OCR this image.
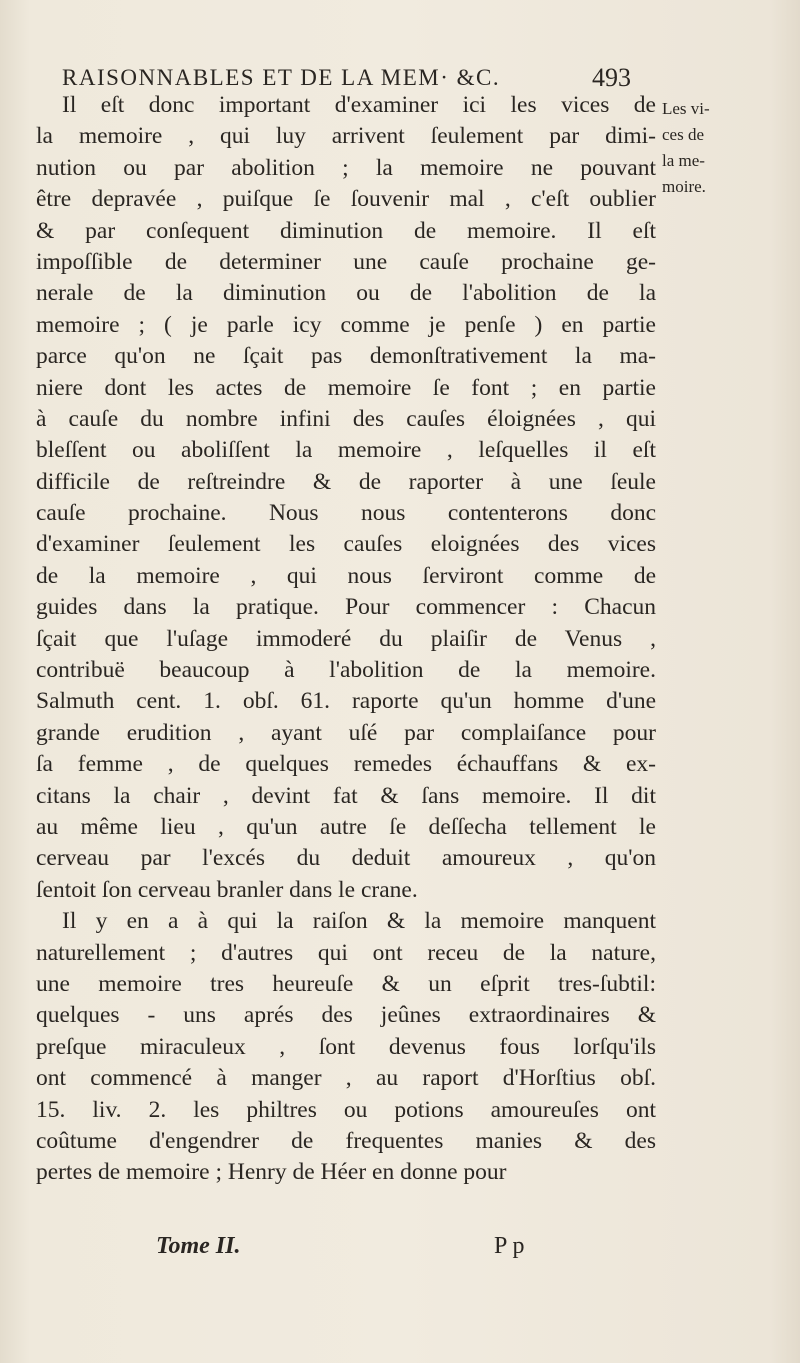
RAISONNABLES ET DE LA MEM· &C.	493
Il eſt donc important d'examiner ici les vices de
la memoire , qui luy arrivent ſeulement par dimi-
nution ou par abolition ; la memoire ne pouvant
être depravée , puiſque ſe ſouvenir mal , c'eſt oublier
& par conſequent diminution de memoire. Il eſt
impoſſible de determiner une cauſe prochaine ge-
nerale de la diminution ou de l'abolition de la
memoire ; ( je parle icy comme je penſe ) en partie
parce qu'on ne ſçait pas demonſtrativement la ma-
niere dont les actes de memoire ſe font ; en partie
à cauſe du nombre infini des cauſes éloignées , qui
bleſſent ou aboliſſent la memoire , leſquelles il eſt
difficile de reſtreindre & de raporter à une ſeule
cauſe prochaine. Nous nous contenterons donc
d'examiner ſeulement les cauſes eloignées des vices
de la memoire , qui nous ſerviront comme de
guides dans la pratique. Pour commencer : Chacun
ſçait que l'uſage immoderé du plaiſir de Venus ,
contribuë beaucoup à l'abolition de la memoire.
Salmuth cent. 1. obſ. 61. raporte qu'un homme d'une
grande erudition , ayant uſé par complaiſance pour
ſa femme , de quelques remedes échauffans & ex-
citans la chair , devint fat & ſans memoire. Il dit
au même lieu , qu'un autre ſe deſſecha tellement le
cerveau par l'excés du deduit amoureux , qu'on
ſentoit ſon cerveau branler dans le crane.
Il y en a à qui la raiſon & la memoire manquent
naturellement ; d'autres qui ont receu de la nature,
une memoire tres heureuſe & un eſprit tres-ſubtil:
quelques - uns aprés des jeûnes extraordinaires &
preſque miraculeux , ſont devenus fous lorſqu'ils
ont commencé à manger , au raport d'Horſtius obſ.
15. liv. 2. les philtres ou potions amoureuſes ont
coûtume d'engendrer de frequentes manies & des
pertes de memoire ; Henry de Héer en donne pour
Les vi-
ces de
la me-
moire.
Tome II.	P p
